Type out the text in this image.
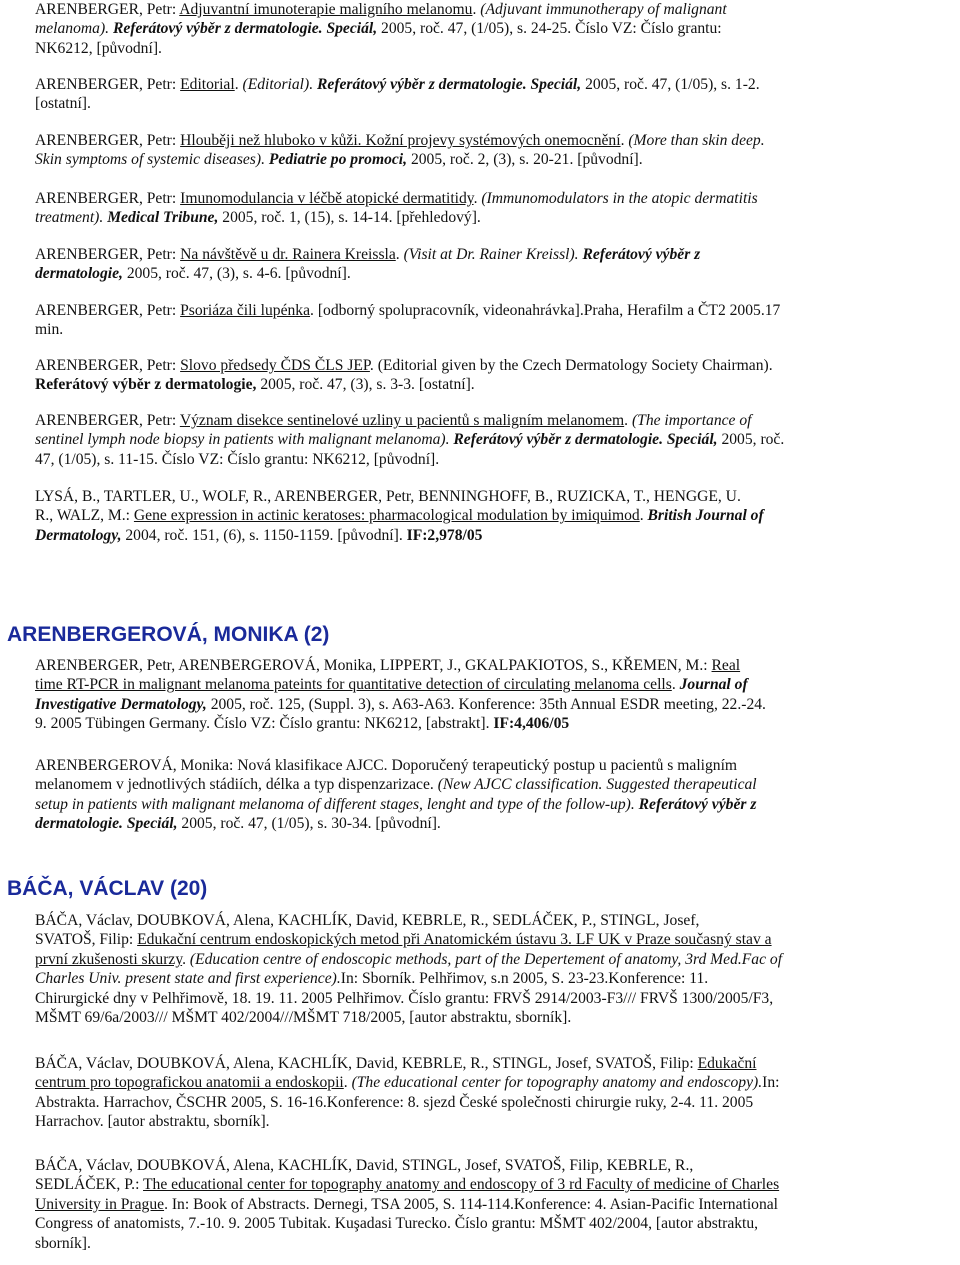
ARENBERGER, Petr: Adjuvantní imunoterapie maligního melanomu. (Adjuvant immunotherapy of malignant
melanoma). Referátový výběr z dermatologie. Speciál, 2005, roč. 47, (1/05), s. 24-25. Číslo VZ: Číslo grantu:
NK6212, [původní].

ARENBERGER, Petr: Editorial. (Editorial). Referátový výběr z dermatologie. Speciál, 2005, roč. 47, (1/05), s. 1-2.
[ostatní].

ARENBERGER, Petr: Hlouběji než hluboko v kůži. Kožní projevy systémových onemocnění. (More than skin deep.
Skin symptoms of systemic diseases). Pediatrie po promoci, 2005, roč. 2, (3), s. 20-21. [původní].

ARENBERGER, Petr: Imunomodulancia v léčbě atopické dermatitidy. (Immunomodulators in the atopic dermatitis
treatment). Medical Tribune, 2005, roč. 1, (15), s. 14-14. [přehledový].

ARENBERGER, Petr: Na návštěvě u dr. Rainera Kreissla. (Visit at Dr. Rainer Kreissl). Referátový výběr z
dermatologie, 2005, roč. 47, (3), s. 4-6. [původní].

ARENBERGER, Petr: Psoriáza čili lupénka. [odborný spolupracovník, videonahrávka].Praha, Herafilm a ČT2 2005.17
min.

ARENBERGER, Petr: Slovo předsedy ČDS ČLS JEP. (Editorial given by the Czech Dermatology Society Chairman).
Referátový výběr z dermatologie, 2005, roč. 47, (3), s. 3-3. [ostatní].

ARENBERGER, Petr: Význam disekce sentinelové uzliny u pacientů s maligním melanomem. (The importance of
sentinel lymph node biopsy in patients with malignant melanoma). Referátový výběr z dermatologie. Speciál, 2005, roč.
47, (1/05), s. 11-15. Číslo VZ: Číslo grantu: NK6212, [původní].

LYSÁ, B., TARTLER, U., WOLF, R., ARENBERGER, Petr, BENNINGHOFF, B., RUZICKA, T., HENGGE, U.
R., WALZ, M.: Gene expression in actinic keratoses: pharmacological modulation by imiquimod. British Journal of
Dermatology, 2004, roč. 151, (6), s. 1150-1159. [původní]. IF:2,978/05

ARENBERGEROVÁ, MONIKA (2)

ARENBERGER, Petr, ARENBERGEROVÁ, Monika, LIPPERT, J., GKALPAKIOTOS, S., KŘEMEN, M.: Real
time RT-PCR in malignant melanoma pateints for quantitative detection of circulating melanoma cells. Journal of
Investigative Dermatology, 2005, roč. 125, (Suppl. 3), s. A63-A63. Konference: 35th Annual ESDR meeting, 22.-24.
9. 2005 Tübingen Germany. Číslo VZ: Číslo grantu: NK6212, [abstrakt]. IF:4,406/05

ARENBERGEROVÁ, Monika: Nová klasifikace AJCC. Doporučený terapeutický postup u pacientů s maligním
melanomem v jednotlivých stádiích, délka a typ dispenzarizace. (New AJCC classification. Suggested therapeutical
setup in patients with malignant melanoma of different stages, lenght and type of the follow-up). Referátový výběr z
dermatologie. Speciál, 2005, roč. 47, (1/05), s. 30-34. [původní].

BÁČA, VÁCLAV (20)

BÁČA, Václav, DOUBKOVÁ, Alena, KACHLÍK, David, KEBRLE, R., SEDLÁČEK, P., STINGL, Josef,
SVATOŠ, Filip: Edukační centrum endoskopických metod při Anatomickém ústavu 3. LF UK v Praze současný stav a
první zkušenosti skurzy. (Education centre of endoscopic methods, part of the Depertement of anatomy, 3rd Med.Fac of
Charles Univ. present state and first experience).In: Sborník. Pelhřimov, s.n 2005, S. 23-23.Konference: 11.
Chirurgické dny v Pelhřimově, 18. 19. 11. 2005 Pelhřimov. Číslo grantu: FRVŠ 2914/2003-F3/// FRVŠ 1300/2005/F3,
MŠMT 69/6a/2003/// MŠMT 402/2004///MŠMT 718/2005, [autor abstraktu, sborník].

BÁČA, Václav, DOUBKOVÁ, Alena, KACHLÍK, David, KEBRLE, R., STINGL, Josef, SVATOŠ, Filip: Edukační
centrum pro topografickou anatomii a endoskopii. (The educational center for topography anatomy and endoscopy).In:
Abstrakta. Harrachov, ČSCHR 2005, S. 16-16.Konference: 8. sjezd České společnosti chirurgie ruky, 2-4. 11. 2005
Harrachov. [autor abstraktu, sborník].

BÁČA, Václav, DOUBKOVÁ, Alena, KACHLÍK, David, STINGL, Josef, SVATOŠ, Filip, KEBRLE, R.,
SEDLÁČEK, P.: The educational center for topography anatomy and endoscopy of 3 rd Faculty of medicine of Charles
University in Prague. In: Book of Abstracts. Dernegi, TSA 2005, S. 114-114.Konference: 4. Asian-Pacific International
Congress of anatomists, 7.-10. 9. 2005 Tubitak. Kuşadasi Turecko. Číslo grantu: MŠMT 402/2004, [autor abstraktu,
sborník].
